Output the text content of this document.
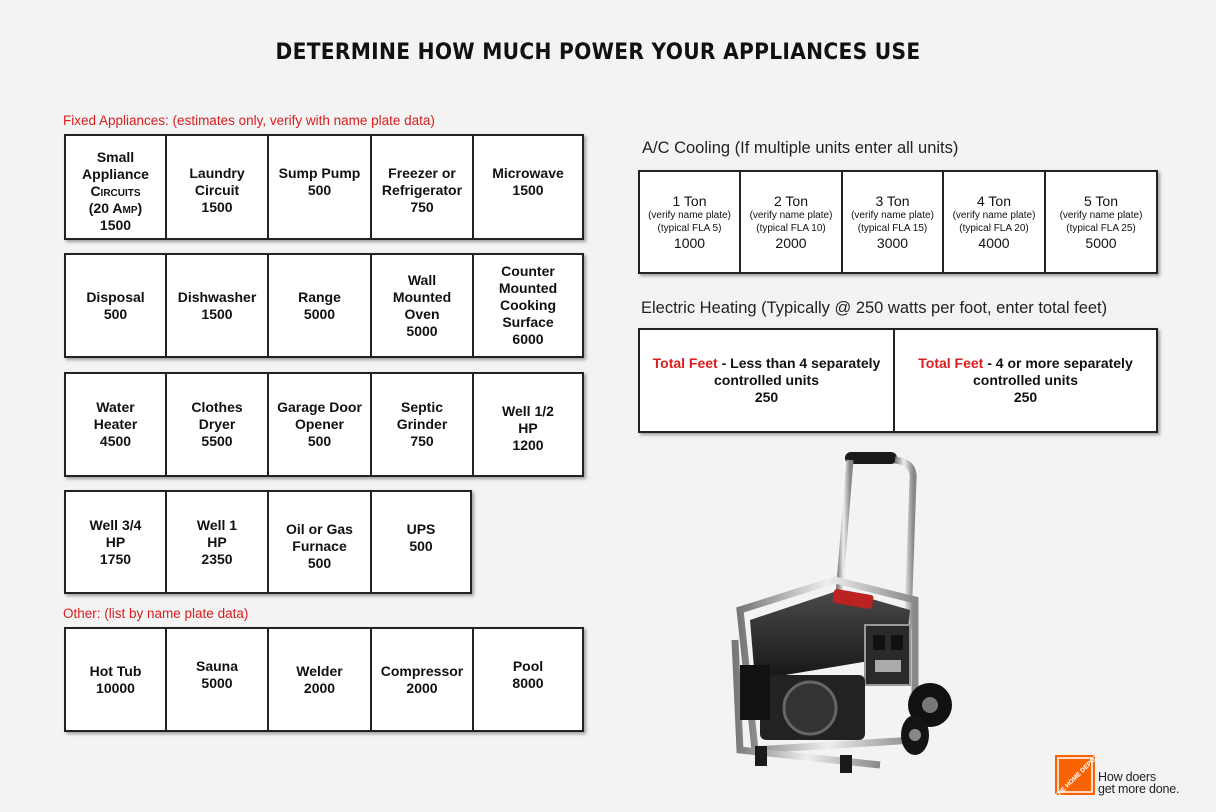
DETERMINE HOW MUCH POWER YOUR APPLIANCES USE
Fixed Appliances: (estimates only, verify with name plate data)
Small
Appliance
Circuits
(20 Amp)
1500
Laundry
Circuit
1500
Sump Pump
500
Freezer or
Refrigerator
750
Microwave
1500
Disposal
500
Dishwasher
1500
Range
5000
Wall
Mounted
Oven
5000
Counter
Mounted
Cooking
Surface
6000
Water
Heater
4500
Clothes
Dryer
5500
Garage Door
Opener
500
Septic
Grinder
750
Well 1/2
HP
1200
Well 3/4
HP
1750
Well 1
HP
2350
Oil or Gas
Furnace
500
UPS
500
Other: (list by name plate data)
Hot Tub
10000
Sauna
5000
Welder
2000
Compressor
2000
Pool
8000
A/C Cooling (If multiple units enter all units)
1 Ton
(verify name plate)
(typical FLA 5)
1000
2 Ton
(verify name plate)
(typical FLA 10)
2000
3 Ton
(verify name plate)
(typical FLA 15)
3000
4 Ton
(verify name plate)
(typical FLA 20)
4000
5 Ton
(verify name plate)
(typical FLA 25)
5000
Electric Heating (Typically @ 250 watts per foot, enter total feet)
Total Feet - Less than 4 separately
controlled units
250
Total Feet - 4 or more separately
controlled units
250
THE HOME DEPOT
How doers
get more done.
